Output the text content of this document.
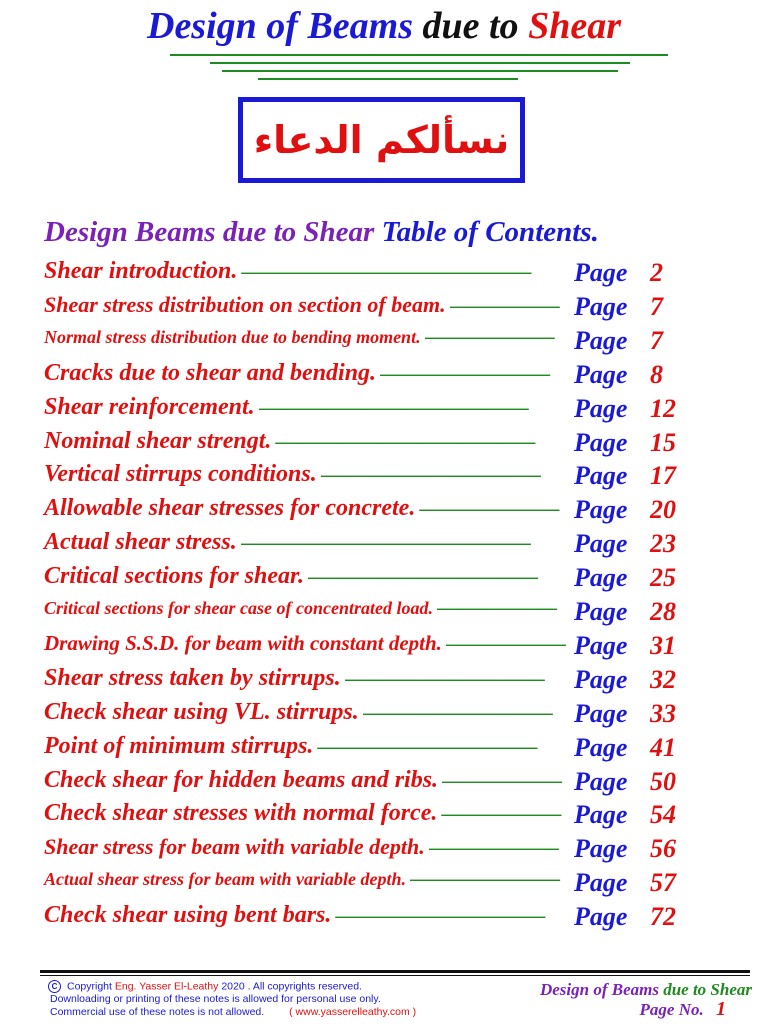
Design of Beams due to Shear
نسألكم الدعاء
Design Beams due to Shear Table of Contents.
Shear introduction. ‒‒‒‒‒‒‒‒‒‒‒‒‒‒‒‒‒‒‒‒‒‒‒‒‒‒‒‒‒	Page 2
Shear stress distribution on section of beam. ‒‒‒‒‒‒‒‒‒‒‒ Page 7
Normal stress distribution due to bending moment. ‒‒‒‒‒‒‒‒‒‒‒‒‒ Page 7
Cracks due to shear and bending. ‒‒‒‒‒‒‒‒‒‒‒‒‒‒‒‒‒ Page 8
Shear reinforcement. ‒‒‒‒‒‒‒‒‒‒‒‒‒‒‒‒‒‒‒‒‒‒‒‒‒‒‒	Page 12
Nominal shear strengt. ‒‒‒‒‒‒‒‒‒‒‒‒‒‒‒‒‒‒‒‒‒‒‒‒‒‒	Page 15
Vertical stirrups conditions. ‒‒‒‒‒‒‒‒‒‒‒‒‒‒‒‒‒‒‒‒‒‒	Page 17
Allowable shear stresses for concrete. ‒‒‒‒‒‒‒‒‒‒‒‒‒‒ Page 20
Actual shear stress. ‒‒‒‒‒‒‒‒‒‒‒‒‒‒‒‒‒‒‒‒‒‒‒‒‒‒‒‒‒	Page 23
Critical sections for shear. ‒‒‒‒‒‒‒‒‒‒‒‒‒‒‒‒‒‒‒‒‒‒‒	Page 25
Critical sections for shear case of concentrated load. ‒‒‒‒‒‒‒‒‒‒‒‒ Page 28
Drawing S.S.D. for beam with constant depth. ‒‒‒‒‒‒‒‒‒‒‒‒ Page 31
Shear stress taken by stirrups. ‒‒‒‒‒‒‒‒‒‒‒‒‒‒‒‒‒‒‒‒	Page 32
Check shear using VL. stirrups. ‒‒‒‒‒‒‒‒‒‒‒‒‒‒‒‒‒‒‒ Page 33
Point of minimum stirrups. ‒‒‒‒‒‒‒‒‒‒‒‒‒‒‒‒‒‒‒‒‒‒	Page 41
Check shear for hidden beams and ribs. ‒‒‒‒‒‒‒‒‒‒‒‒ Page 50
Check shear stresses with normal force. ‒‒‒‒‒‒‒‒‒‒‒‒ Page 54
Shear stress for beam with variable depth. ‒‒‒‒‒‒‒‒‒‒‒‒‒ Page 56
Actual shear stress for beam with variable depth. ‒‒‒‒‒‒‒‒‒‒‒‒‒‒‒ Page 57
Check shear using bent bars. ‒‒‒‒‒‒‒‒‒‒‒‒‒‒‒‒‒‒‒‒‒	Page 72
C Copyright Eng. Yasser El-Leathy 2020 . All copyrights reserved.
Downloading or printing of these notes is allowed for personal use only.
Commercial use of these notes is not allowed. ( www.yasserelleathy.com )
Design of Beams due to Shear
Page No. 1
